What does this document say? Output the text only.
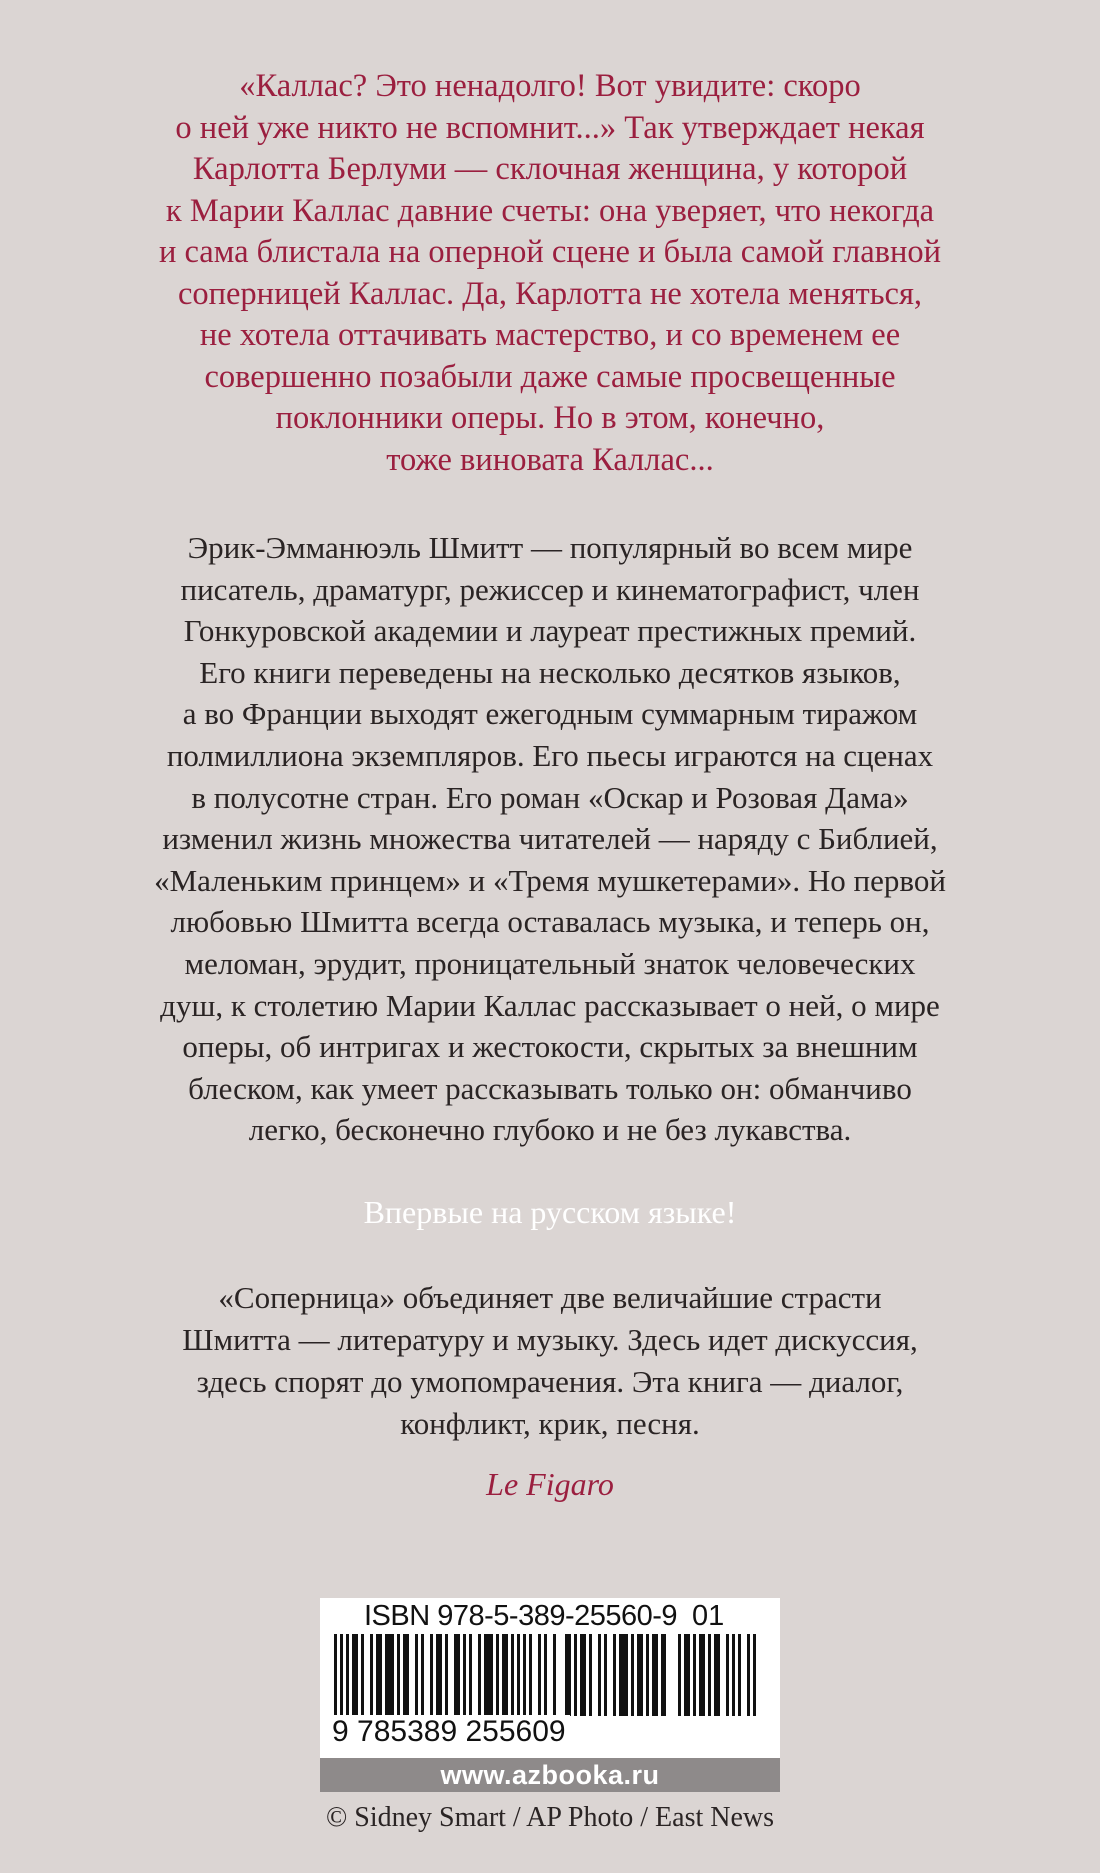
«Каллас? Это ненадолго! Вот увидите: скоро
о ней уже никто не вспомнит...» Так утверждает некая
Карлотта Берлуми — склочная женщина, у которой
к Марии Каллас давние счеты: она уверяет, что некогда
и сама блистала на оперной сцене и была самой главной
соперницей Каллас. Да, Карлотта не хотела меняться,
не хотела оттачивать мастерство, и со временем ее
совершенно позабыли даже самые просвещенные
поклонники оперы. Но в этом, конечно,
тоже виновата Каллас...
Эрик-Эмманюэль Шмитт — популярный во всем мире
писатель, драматург, режиссер и кинематографист, член
Гонкуровской академии и лауреат престижных премий.
Его книги переведены на несколько десятков языков,
а во Франции выходят ежегодным суммарным тиражом
полмиллиона экземпляров. Его пьесы играются на сценах
в полусотне стран. Его роман «Оскар и Розовая Дама»
изменил жизнь множества читателей — наряду с Библией,
«Маленьким принцем» и «Тремя мушкетерами». Но первой
любовью Шмитта всегда оставалась музыка, и теперь он,
меломан, эрудит, проницательный знаток человеческих
душ, к столетию Марии Каллас рассказывает о ней, о мире
оперы, об интригах и жестокости, скрытых за внешним
блеском, как умеет рассказывать только он: обманчиво
легко, бесконечно глубоко и не без лукавства.
Впервые на русском языке!
«Соперница» объединяет две величайшие страсти
Шмитта — литературу и музыку. Здесь идет дискуссия,
здесь спорят до умопомрачения. Эта книга — диалог,
конфликт, крик, песня.
Le Figaro
ISBN 978-5-389-25560-9 01
9 785389 255609
www.azbooka.ru
© Sidney Smart / AP Photo / East News
